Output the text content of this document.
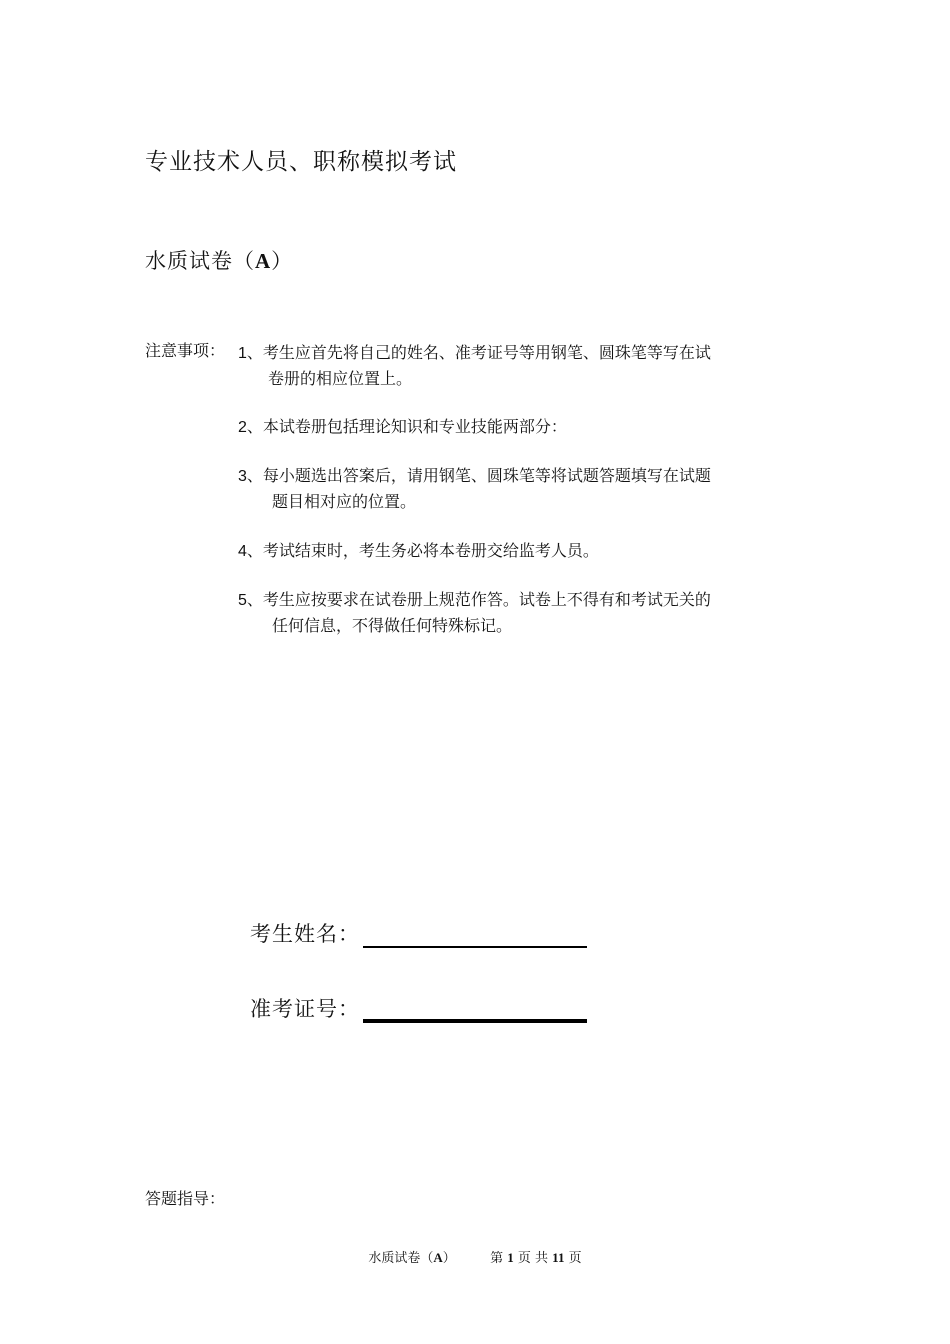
专业技术人员、职称模拟考试
水质试卷（A）
注意事项： 1、考生应首先将自己的姓名、准考证号等用钢笔、圆珠笔等写在试
卷册的相应位置上。
2、本试卷册包括理论知识和专业技能两部分：
3、每小题选出答案后，请用钢笔、圆珠笔等将试题答题填写在试题
题目相对应的位置。
4、考试结束时，考生务必将本卷册交给监考人员。
5、考生应按要求在试卷册上规范作答。试卷上不得有和考试无关的
任何信息，不得做任何特殊标记。
考生姓名：
准考证号：
答题指导：
水质试卷（A）	第 1 页 共 11 页
